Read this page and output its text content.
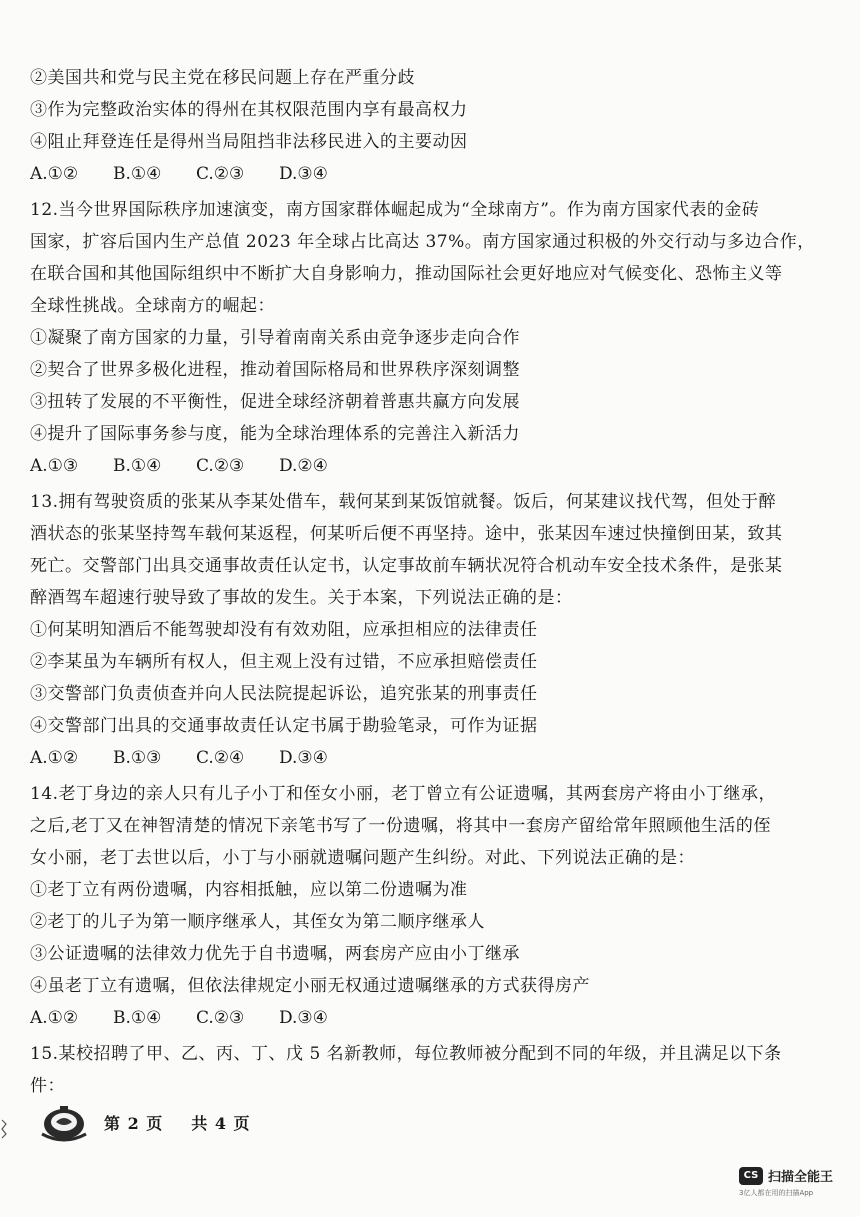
②美国共和党与民主党在移民问题上存在严重分歧
③作为完整政治实体的得州在其权限范围内享有最高权力
④阻止拜登连任是得州当局阻挡非法移民进入的主要动因
A.①②	B.①④	C.②③	D.③④
12.当今世界国际秩序加速演变，南方国家群体崛起成为“全球南方”。作为南方国家代表的金砖
国家，扩容后国内生产总值 2023 年全球占比高达 37%。南方国家通过积极的外交行动与多边合作，
在联合国和其他国际组织中不断扩大自身影响力，推动国际社会更好地应对气候变化、恐怖主义等
全球性挑战。全球南方的崛起：
①凝聚了南方国家的力量，引导着南南关系由竞争逐步走向合作
②契合了世界多极化进程，推动着国际格局和世界秩序深刻调整
③扭转了发展的不平衡性，促进全球经济朝着普惠共赢方向发展
④提升了国际事务参与度，能为全球治理体系的完善注入新活力
A.①③	B.①④	C.②③	D.②④
13.拥有驾驶资质的张某从李某处借车，载何某到某饭馆就餐。饭后，何某建议找代驾，但处于醉
酒状态的张某坚持驾车载何某返程，何某听后便不再坚持。途中，张某因车速过快撞倒田某，致其
死亡。交警部门出具交通事故责任认定书，认定事故前车辆状况符合机动车安全技术条件，是张某
醉酒驾车超速行驶导致了事故的发生。关于本案，下列说法正确的是：
①何某明知酒后不能驾驶却没有有效劝阻，应承担相应的法律责任
②李某虽为车辆所有权人，但主观上没有过错，不应承担赔偿责任
③交警部门负责侦查并向人民法院提起诉讼，追究张某的刑事责任
④交警部门出具的交通事故责任认定书属于勘验笔录，可作为证据
A.①②	B.①③	C.②④	D.③④
14.老丁身边的亲人只有儿子小丁和侄女小丽，老丁曾立有公证遗嘱，其两套房产将由小丁继承，
之后,老丁又在神智清楚的情况下亲笔书写了一份遗嘱，将其中一套房产留给常年照顾他生活的侄
女小丽，老丁去世以后，小丁与小丽就遗嘱问题产生纠纷。对此、下列说法正确的是：
①老丁立有两份遗嘱，内容相抵触，应以第二份遗嘱为准
②老丁的儿子为第一顺序继承人，其侄女为第二顺序继承人
③公证遗嘱的法律效力优先于自书遗嘱，两套房产应由小丁继承
④虽老丁立有遗嘱，但依法律规定小丽无权通过遗嘱继承的方式获得房产
A.①②	B.①④	C.②③	D.③④
15.某校招聘了甲、乙、丙、丁、戊 5 名新教师，每位教师被分配到不同的年级，并且满足以下条
件：
第 2 页 共 4 页
CS 扫描全能王
3亿人都在用的扫描App
